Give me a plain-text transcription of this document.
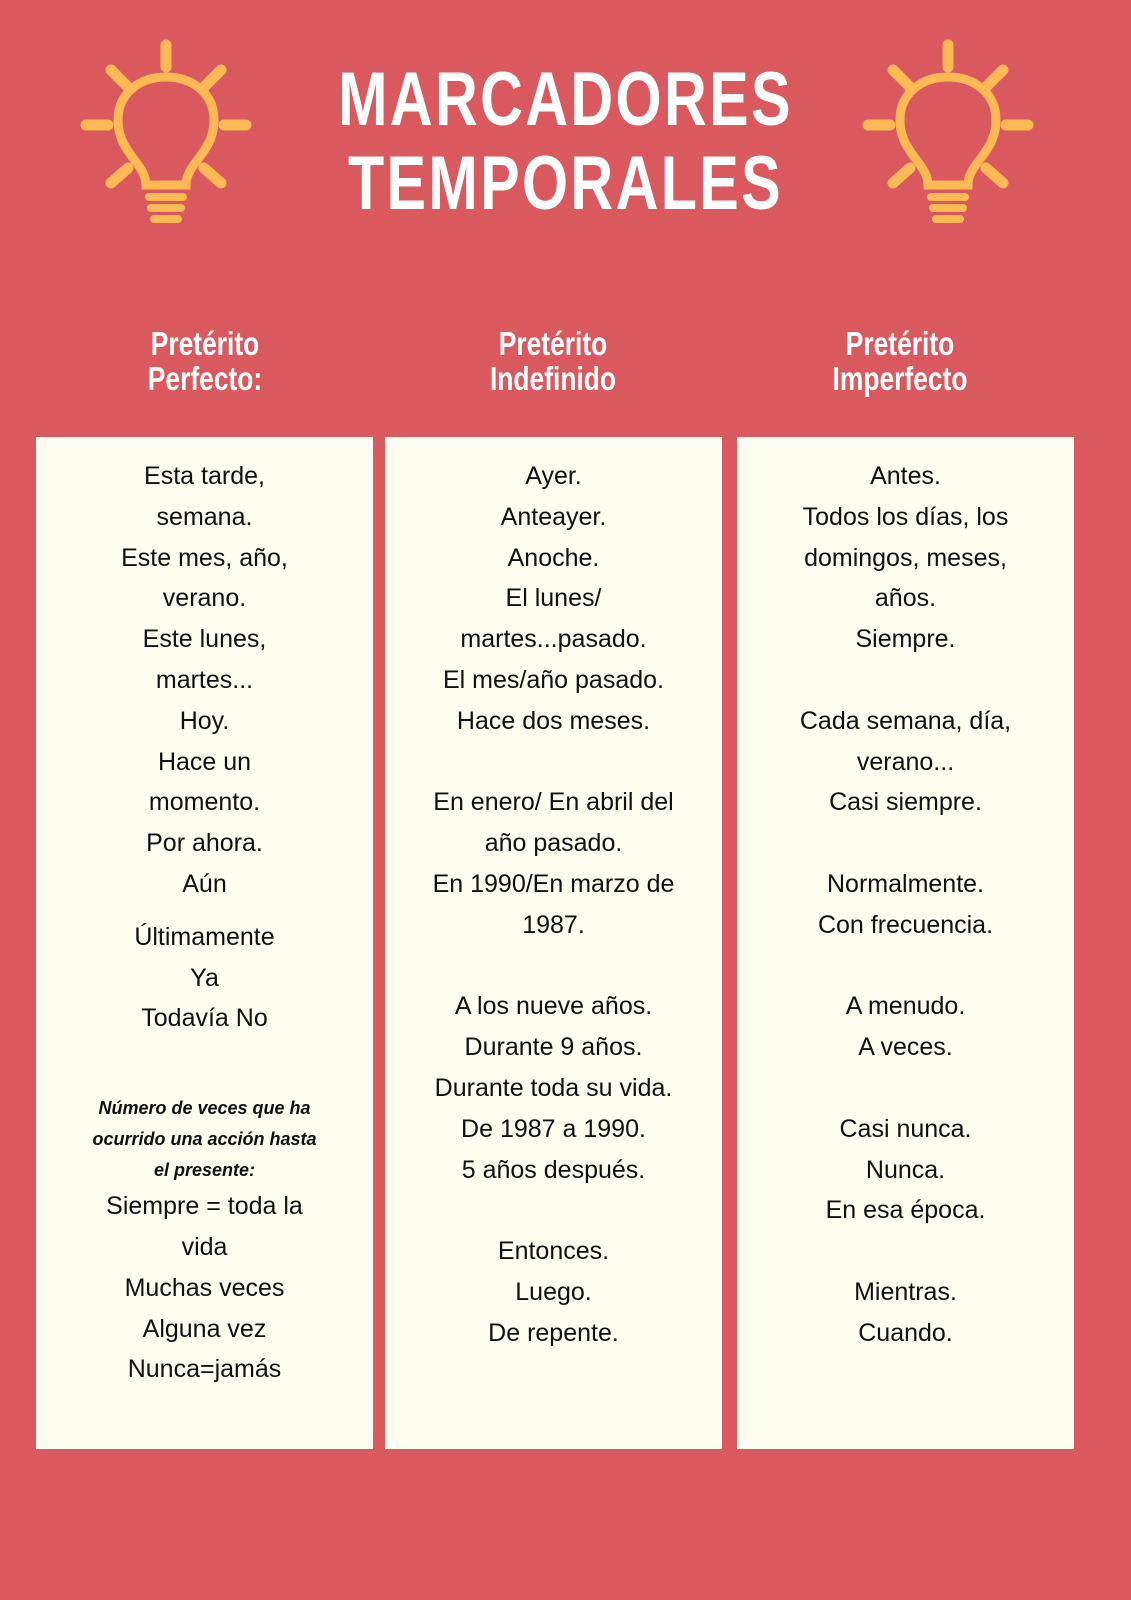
MARCADORES
TEMPORALES
Pretérito
Perfecto:
Pretérito
Indefinido
Pretérito
Imperfecto
Esta tarde,
semana.
Este mes, año,
verano.
Este lunes,
martes...
Hoy.
Hace un
momento.
Por ahora.
Aún
Últimamente
Ya
Todavía No
Número de veces que ha
ocurrido una acción hasta
el presente:
Siempre = toda la
vida
Muchas veces
Alguna vez
Nunca=jamás
Ayer.
Anteayer.
Anoche.
El lunes/
martes...pasado.
El mes/año pasado.
Hace dos meses.
En enero/ En abril del
año pasado.
En 1990/En marzo de
1987.
A los nueve años.
Durante 9 años.
Durante toda su vida.
De 1987 a 1990.
5 años después.
Entonces.
Luego.
De repente.
Antes.
Todos los días, los
domingos, meses,
años.
Siempre.
Cada semana, día,
verano...
Casi siempre.
Normalmente.
Con frecuencia.
A menudo.
A veces.
Casi nunca.
Nunca.
En esa época.
Mientras.
Cuando.
